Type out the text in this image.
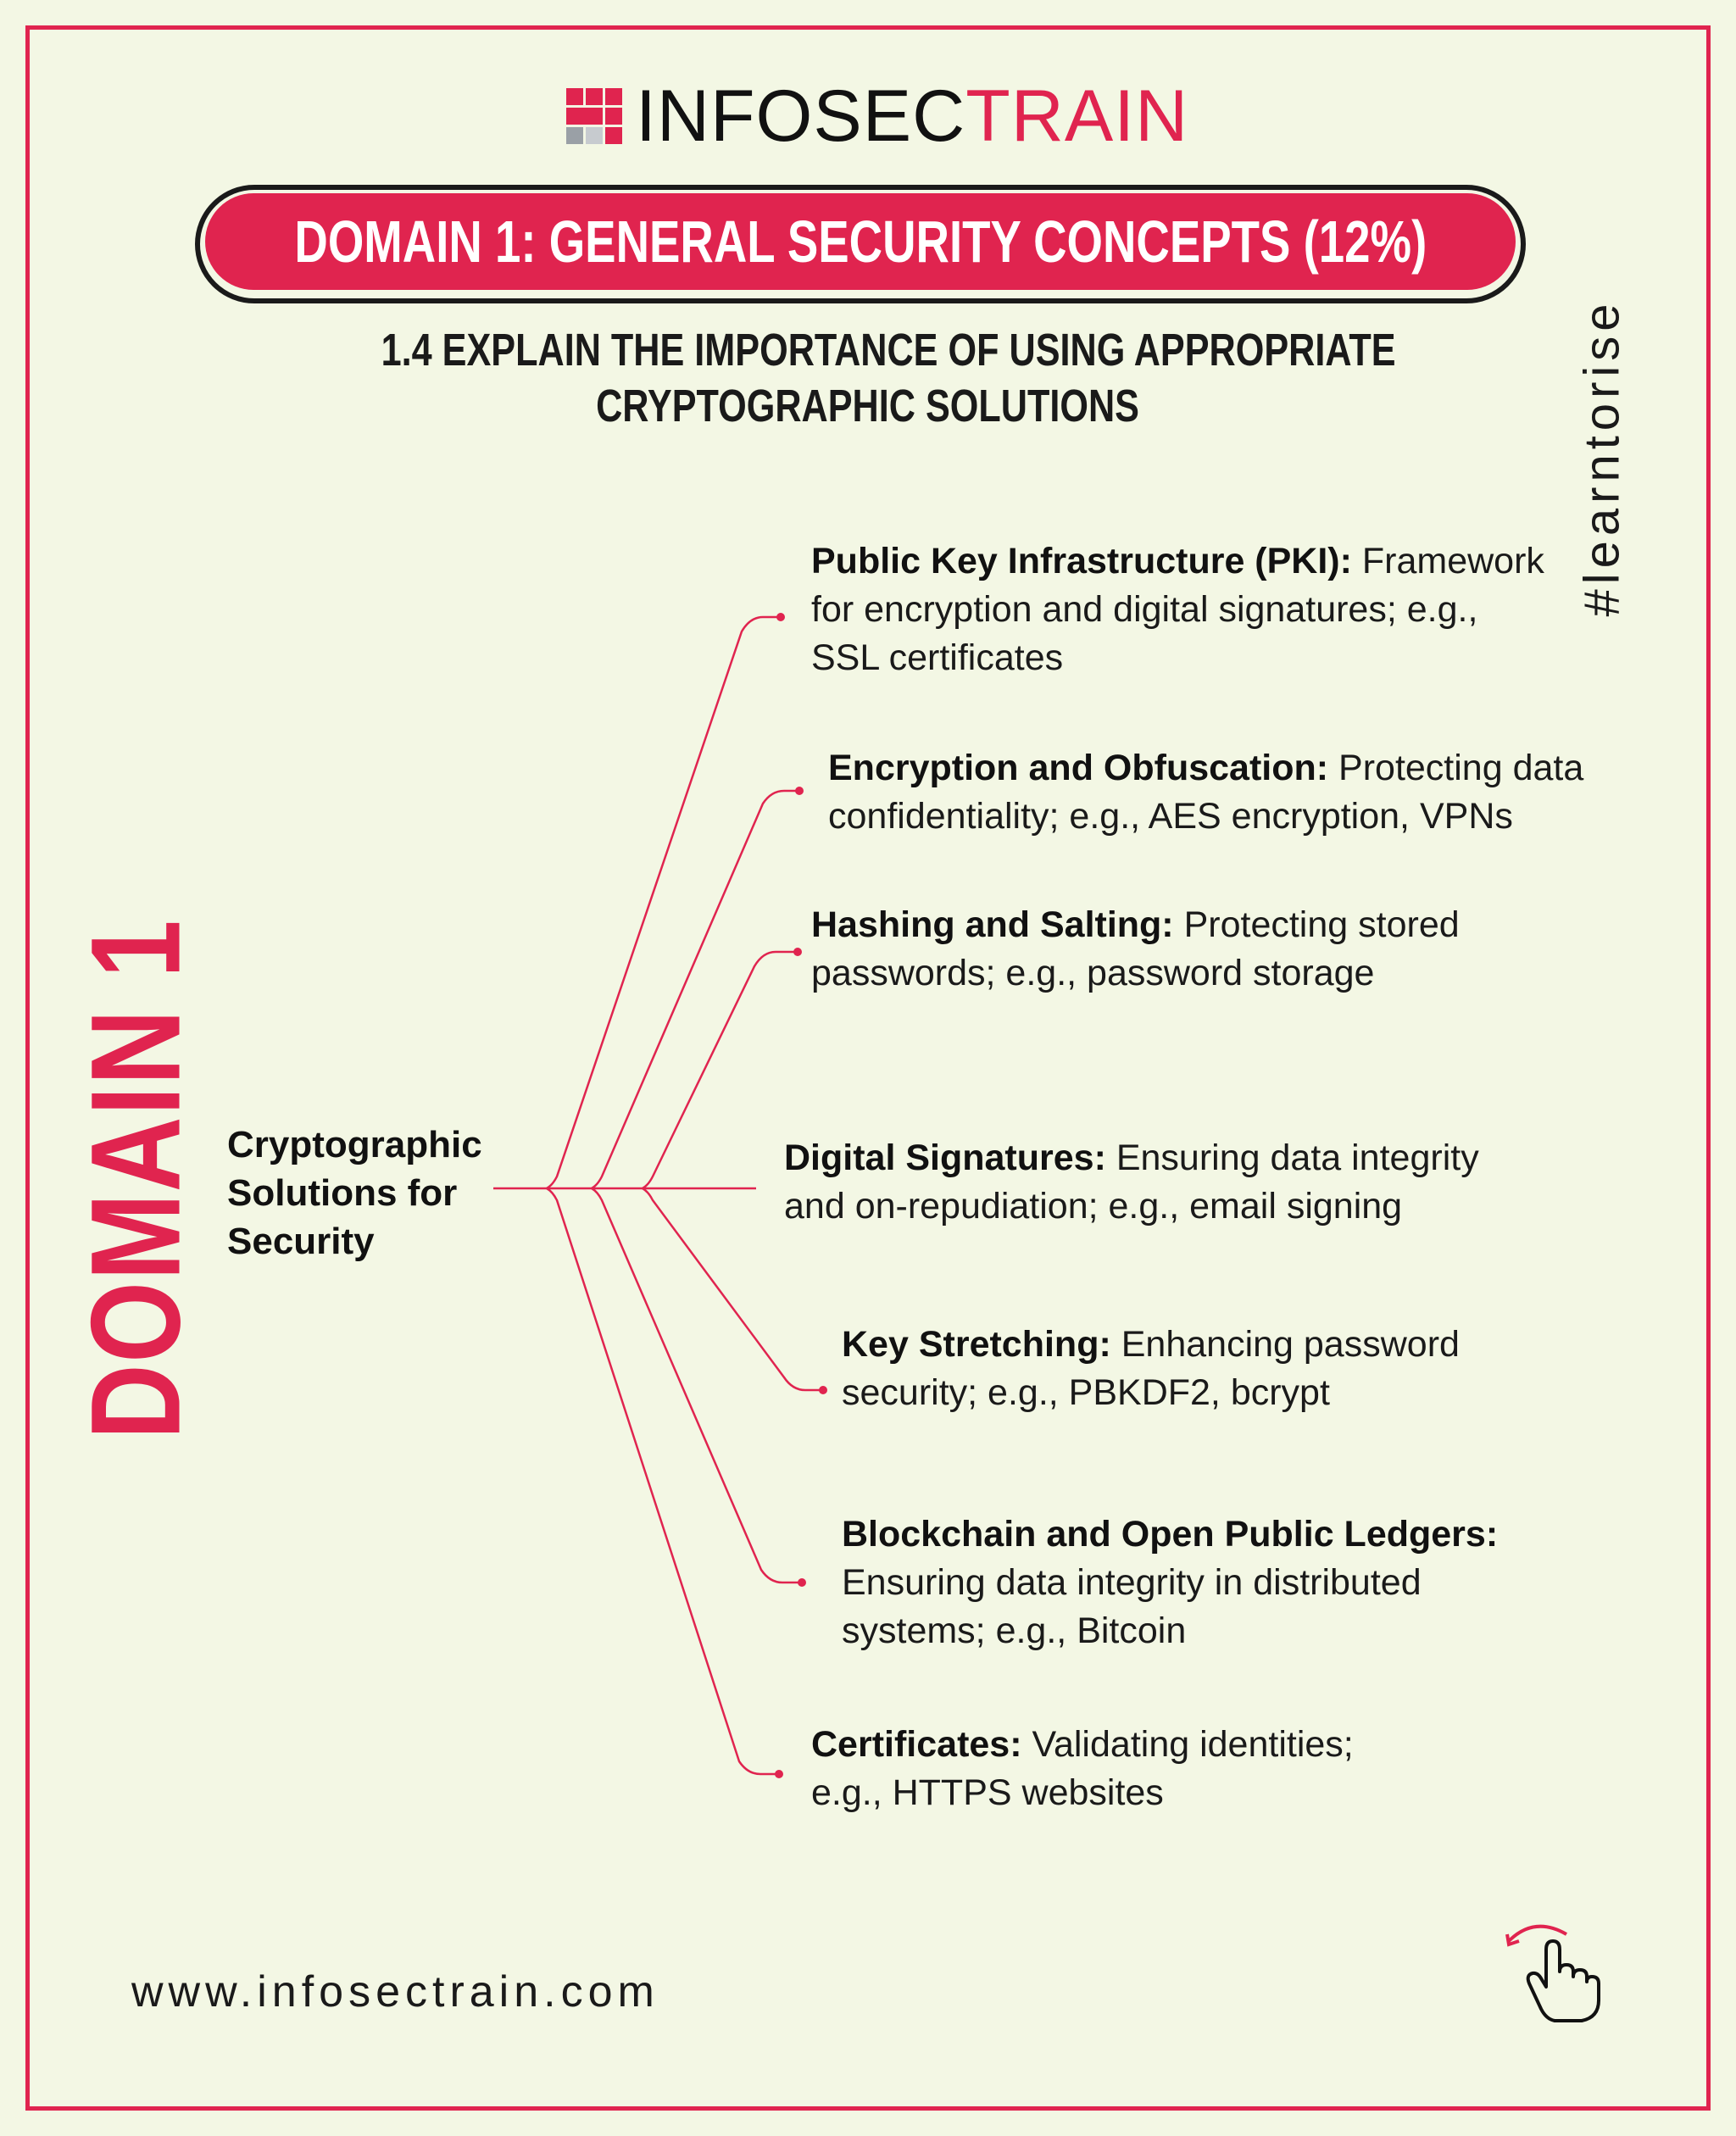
INFOSECTRAIN
DOMAIN 1: GENERAL SECURITY CONCEPTS (12%)
1.4 EXPLAIN THE IMPORTANCE OF USING APPROPRIATE
CRYPTOGRAPHIC SOLUTIONS	#learntorise
DOMAIN 1 Cryptographic
Solutions for
Security
Public Key Infrastructure (PKI): Framework
for encryption and digital signatures; e.g.,
SSL certificates
Encryption and Obfuscation: Protecting data
confidentiality; e.g., AES encryption, VPNs
Hashing and Salting: Protecting stored
passwords; e.g., password storage
Digital Signatures: Ensuring data integrity
and on-repudiation; e.g., email signing
Key Stretching: Enhancing password
security; e.g., PBKDF2, bcrypt
Blockchain and Open Public Ledgers:
Ensuring data integrity in distributed
systems; e.g., Bitcoin
Certificates: Validating identities;
e.g., HTTPS websites
www.infosectrain.com
